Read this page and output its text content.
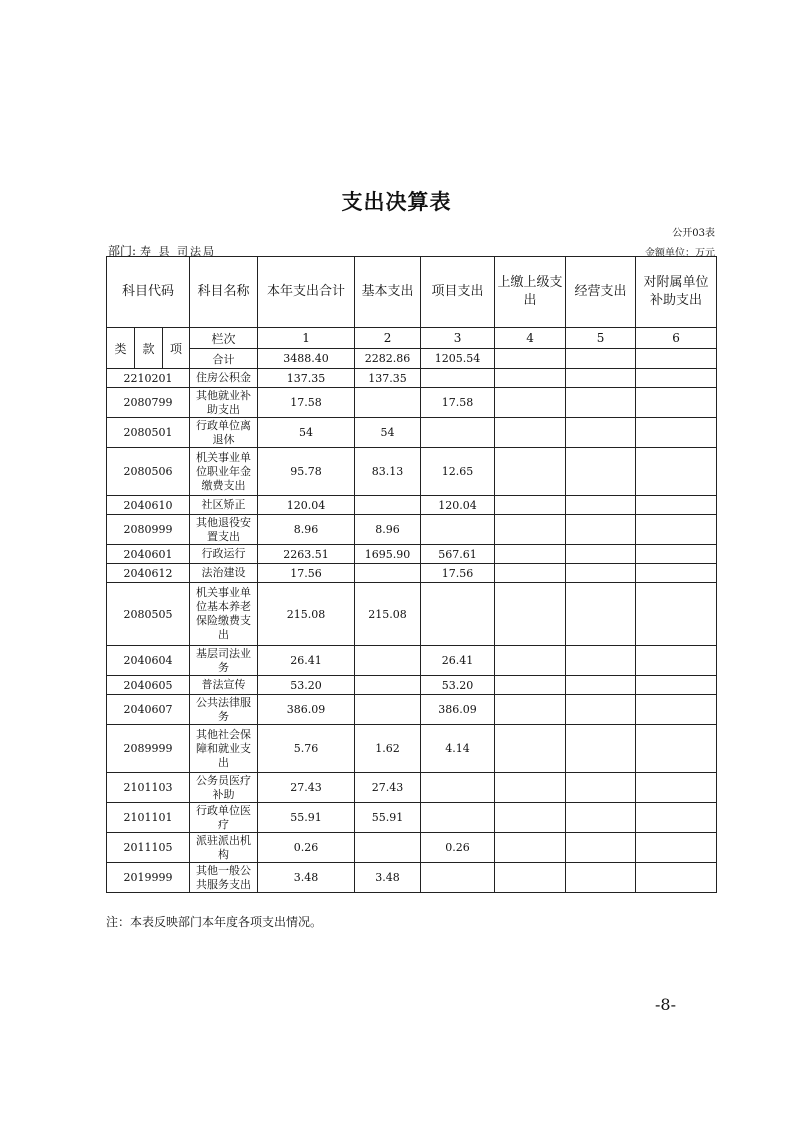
支出决算表
公开03表
部门: 寿 县 司法局	金额单位：万元
科目代码			科目名称	本年支出合计	基本支出	项目支出	上缴上级支出	经营支出	对附属单位补助支出
类	款	项	栏次	1	2	3	4	5	6
			合计	3488.40	2282.86	1205.54			
2210201			住房公积金	137.35	137.35				
2080799			其他就业补助支出	17.58		17.58			
2080501			行政单位离退休	54	54				
2080506			机关事业单位职业年金缴费支出	95.78	83.13	12.65			
2040610			社区矫正	120.04		120.04			
2080999			其他退役安置支出	8.96	8.96				
2040601			行政运行	2263.51	1695.90	567.61			
2040612			法治建设	17.56		17.56			
2080505			机关事业单位基本养老保险缴费支出	215.08	215.08				
2040604			基层司法业务	26.41		26.41			
2040605			普法宣传	53.20		53.20			
2040607			公共法律服务	386.09		386.09			
2089999			其他社会保障和就业支出	5.76	1.62	4.14			
2101103			公务员医疗补助	27.43	27.43				
2101101			行政单位医疗	55.91	55.91				
2011105			派驻派出机构	0.26		0.26			
2019999			其他一般公共服务支出	3.48	3.48				
注：本表反映部门本年度各项支出情况。
-8-
